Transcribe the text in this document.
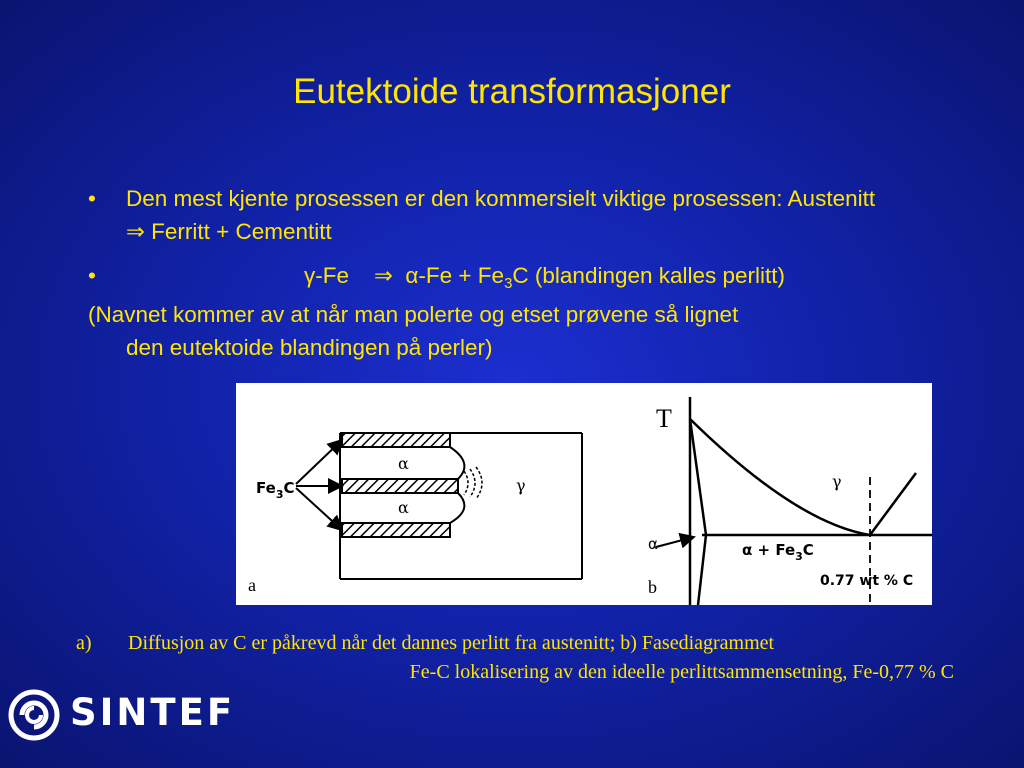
Eutektoide transformasjoner
• Den mest kjente prosessen er den kommersielt viktige prosessen: Austenitt ⇒ Ferritt + Cementitt
•	γ-Fe ⇒ $\alpha-Fe + Fe_3C$ (blandingen kalles perlitt)
(Navnet kommer av at når man polerte og etset prøvene så lignet
den eutektoide blandingen på perler)
$Fe_3C$
α
α
γ
a
T
γ
α	$\alpha + Fe_3C$
0.77 wt % C
b
a) Diffusjon av C er påkrevd når det dannes perlitt fra austenitt; b) Fasediagrammet
Fe-C lokalisering av den ideelle perlittsammensetning, Fe-0,77 % C
SINTEF
